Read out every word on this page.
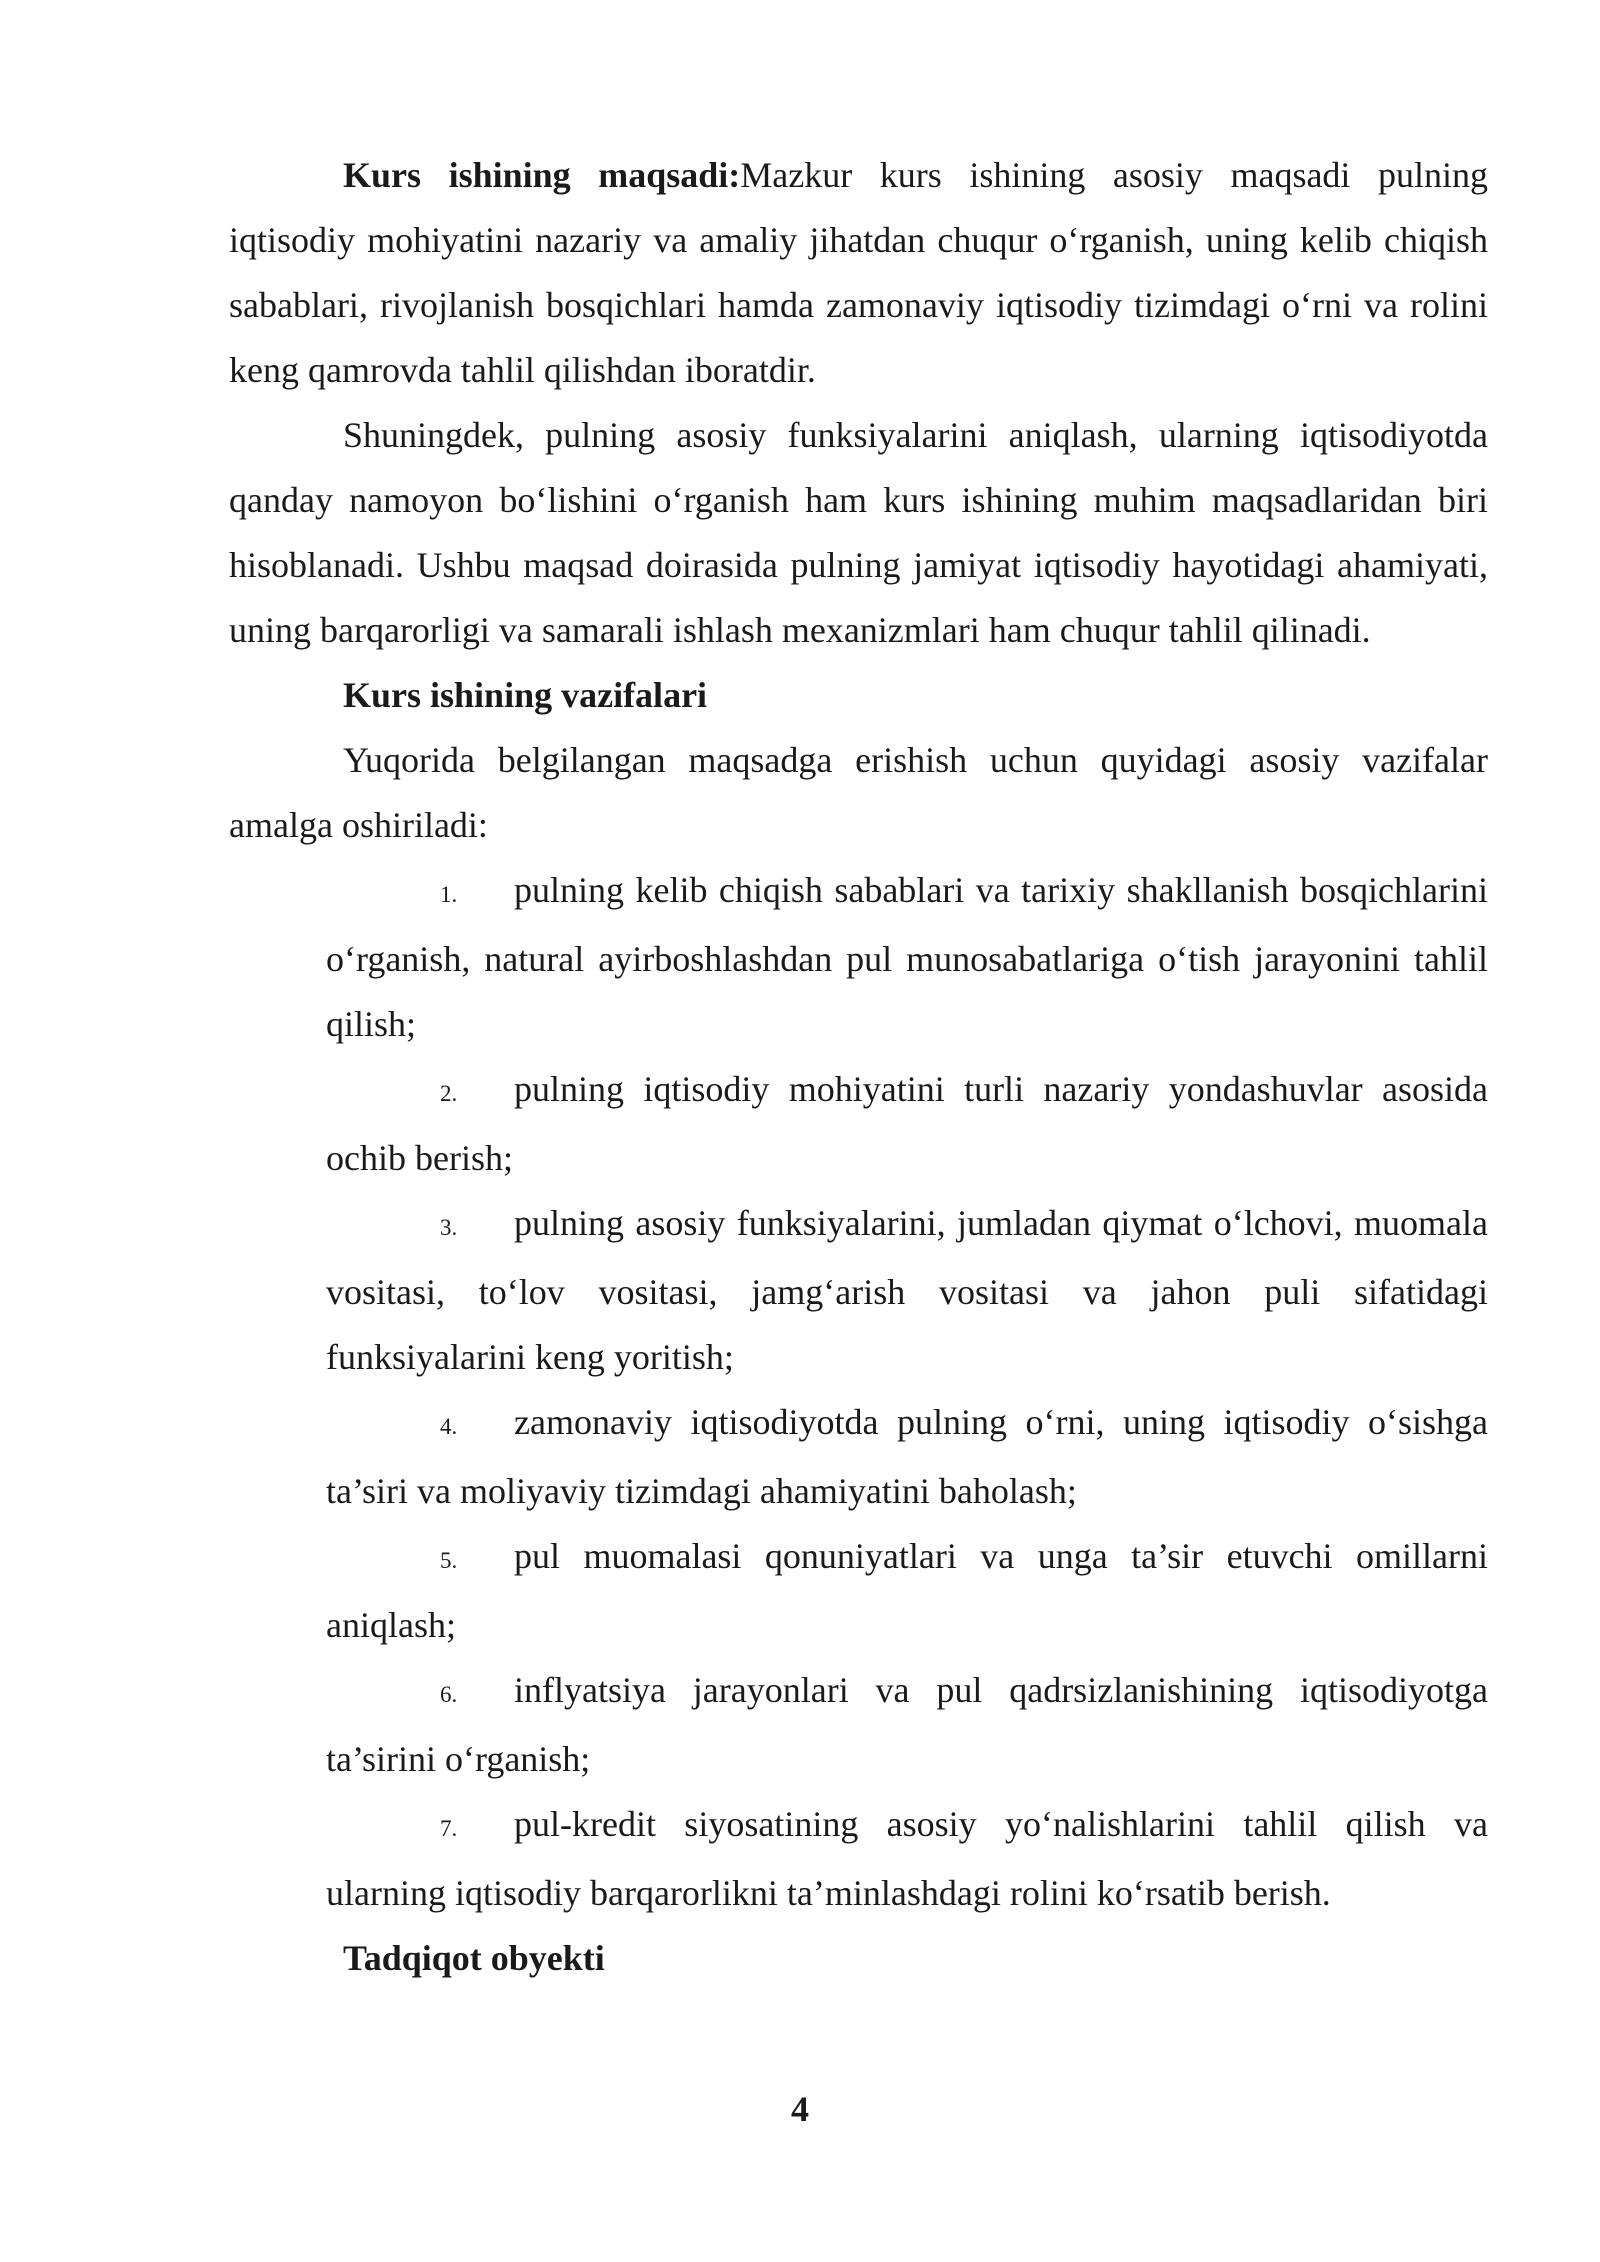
Kurs ishining maqsadi:Mazkur kurs ishining asosiy maqsadi pulning iqtisodiy mohiyatini nazariy va amaliy jihatdan chuqur o‘rganish, uning kelib chiqish sabablari, rivojlanish bosqichlari hamda zamonaviy iqtisodiy tizimdagi o‘rni va rolini keng qamrovda tahlil qilishdan iboratdir.

Shuningdek, pulning asosiy funksiyalarini aniqlash, ularning iqtisodiyotda qanday namoyon bo‘lishini o‘rganish ham kurs ishining muhim maqsadlaridan biri hisoblanadi. Ushbu maqsad doirasida pulning jamiyat iqtisodiy hayotidagi ahamiyati, uning barqarorligi va samarali ishlash mexanizmlari ham chuqur tahlil qilinadi.

Kurs ishining vazifalari

Yuqorida belgilangan maqsadga erishish uchun quyidagi asosiy vazifalar amalga oshiriladi:

1. pulning kelib chiqish sabablari va tarixiy shakllanish bosqichlarini o‘rganish, natural ayirboshlashdan pul munosabatlariga o‘tish jarayonini tahlil qilish;
2. pulning iqtisodiy mohiyatini turli nazariy yondashuvlar asosida ochib berish;
3. pulning asosiy funksiyalarini, jumladan qiymat o‘lchovi, muomala vositasi, to‘lov vositasi, jamg‘arish vositasi va jahon puli sifatidagi funksiyalarini keng yoritish;
4. zamonaviy iqtisodiyotda pulning o‘rni, uning iqtisodiy o‘sishga ta’siri va moliyaviy tizimdagi ahamiyatini baholash;
5. pul muomalasi qonuniyatlari va unga ta’sir etuvchi omillarni aniqlash;
6. inflyatsiya jarayonlari va pul qadrsizlanishining iqtisodiyotga ta’sirini o‘rganish;
7. pul-kredit siyosatining asosiy yo‘nalishlarini tahlil qilish va ularning iqtisodiy barqarorlikni ta’minlashdagi rolini ko‘rsatib berish.

Tadqiqot obyekti

4
